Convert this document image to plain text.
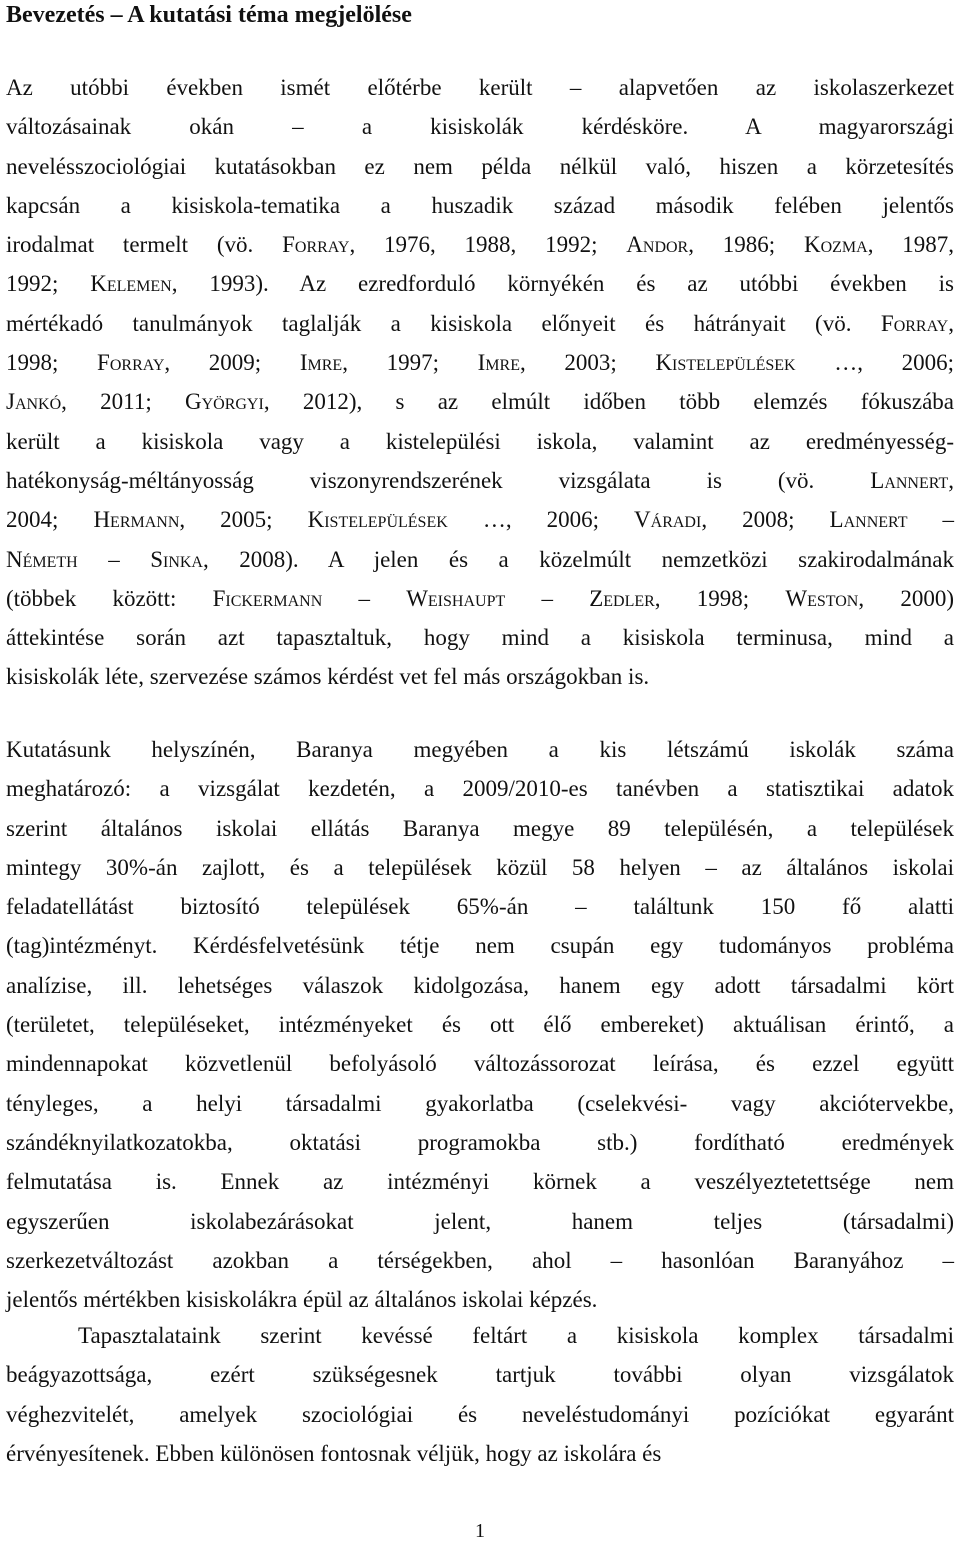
Bevezetés – A kutatási téma megjelölése
Az utóbbi években ismét előtérbe került – alapvetően az iskolaszerkezet
változásainak okán – a kisiskolák kérdésköre. A magyarországi
nevelésszociológiai kutatásokban ez nem példa nélkül való, hiszen a körzetesítés
kapcsán a kisiskola-tematika a huszadik század második felében jelentős
irodalmat termelt (vö. Forray, 1976, 1988, 1992; Andor, 1986; Kozma, 1987,
1992; Kelemen, 1993). Az ezredforduló környékén és az utóbbi években is
mértékadó tanulmányok taglalják a kisiskola előnyeit és hátrányait (vö. Forray,
1998; Forray, 2009; Imre, 1997; Imre, 2003; Kistelepülések …, 2006;
Jankó, 2011; Györgyi, 2012), s az elmúlt időben több elemzés fókuszába
került a kisiskola vagy a kistelepülési iskola, valamint az eredményesség-
hatékonyság-méltányosság viszonyrendszerének vizsgálata is (vö. Lannert,
2004; Hermann, 2005; Kistelepülések …, 2006; Váradi, 2008; Lannert –
Németh – Sinka, 2008). A jelen és a közelmúlt nemzetközi szakirodalmának
(többek között: Fickermann – Weishaupt – Zedler, 1998; Weston, 2000)
áttekintése során azt tapasztaltuk, hogy mind a kisiskola terminusa, mind a
kisiskolák léte, szervezése számos kérdést vet fel más országokban is.
Kutatásunk helyszínén, Baranya megyében a kis létszámú iskolák száma
meghatározó: a vizsgálat kezdetén, a 2009/2010-es tanévben a statisztikai adatok
szerint általános iskolai ellátás Baranya megye 89 településén, a települések
mintegy 30%-án zajlott, és a települések közül 58 helyen – az általános iskolai
feladatellátást biztosító települések 65%-án – találtunk 150 fő alatti
(tag)intézményt. Kérdésfelvetésünk tétje nem csupán egy tudományos probléma
analízise, ill. lehetséges válaszok kidolgozása, hanem egy adott társadalmi kört
(területet, településeket, intézményeket és ott élő embereket) aktuálisan érintő, a
mindennapokat közvetlenül befolyásoló változássorozat leírása, és ezzel együtt
tényleges, a helyi társadalmi gyakorlatba (cselekvési- vagy akciótervekbe,
szándéknyilatkozatokba, oktatási programokba stb.) fordítható eredmények
felmutatása is. Ennek az intézményi körnek a veszélyeztetettsége nem
egyszerűen iskolabezárásokat jelent, hanem teljes (társadalmi)
szerkezetváltozást azokban a térségekben, ahol – hasonlóan Baranyához –
jelentős mértékben kisiskolákra épül az általános iskolai képzés.
Tapasztalataink szerint kevéssé feltárt a kisiskola komplex társadalmi
beágyazottsága, ezért szükségesnek tartjuk további olyan vizsgálatok
véghezvitelét, amelyek szociológiai és neveléstudományi pozíciókat egyaránt
érvényesítenek. Ebben különösen fontosnak véljük, hogy az iskolára és
1
